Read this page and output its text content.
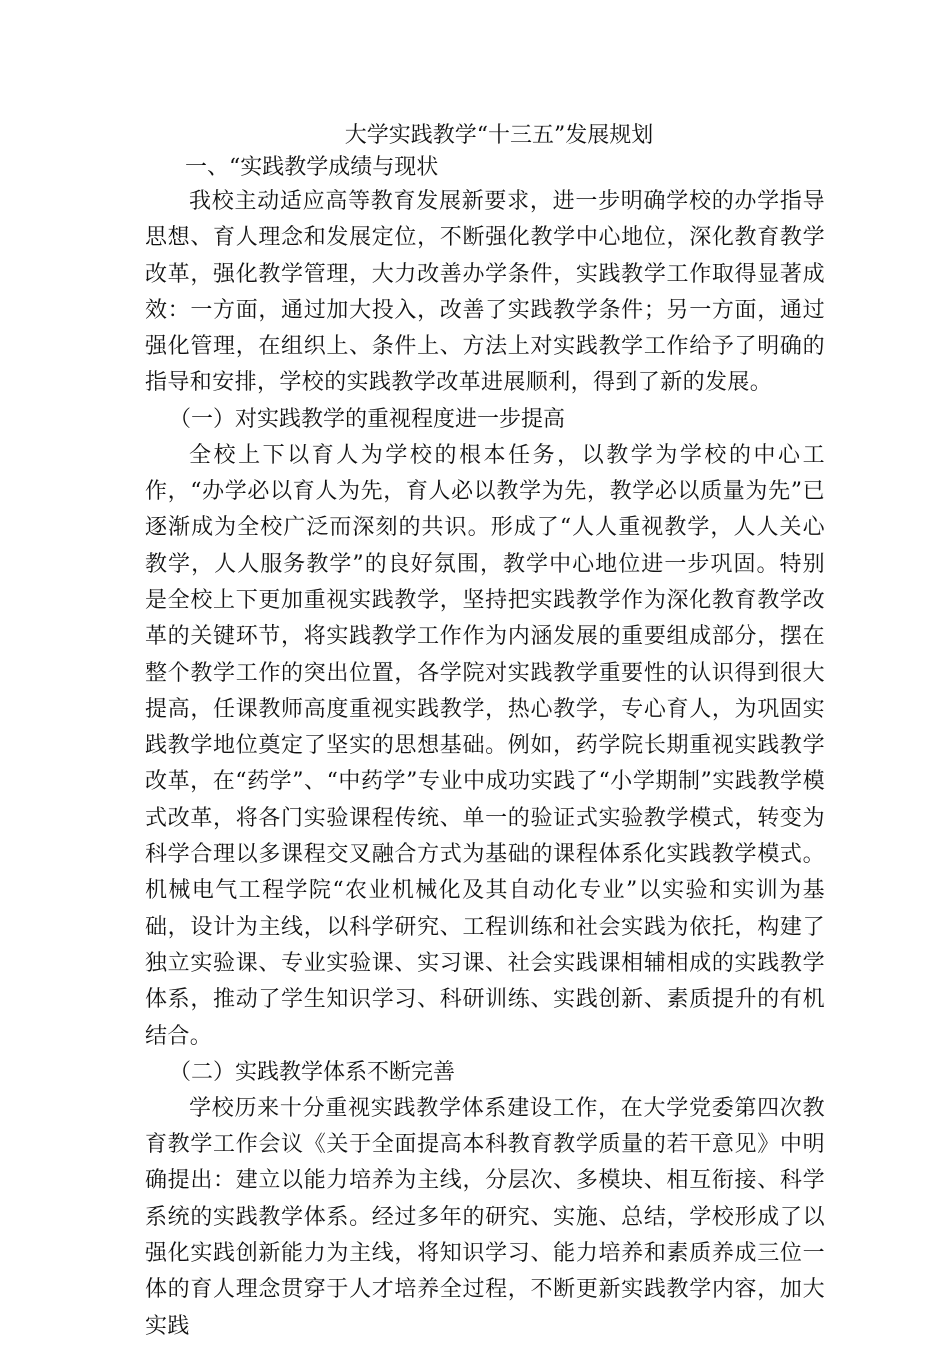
大学实践教学“十三五”发展规划
一、“实践教学成绩与现状

我校主动适应高等教育发展新要求，进一步明确学校的办学指导思想、育人理念和发展定位，不断强化教学中心地位，深化教育教学改革，强化教学管理，大力改善办学条件，实践教学工作取得显著成效：一方面，通过加大投入，改善了实践教学条件；另一方面，通过强化管理，在组织上、条件上、方法上对实践教学工作给予了明确的指导和安排，学校的实践教学改革进展顺利，得到了新的发展。

（一）对实践教学的重视程度进一步提高

全校上下以育人为学校的根本任务，以教学为学校的中心工作，“办学必以育人为先，育人必以教学为先，教学必以质量为先”已逐渐成为全校广泛而深刻的共识。形成了“人人重视教学，人人关心教学，人人服务教学”的良好氛围，教学中心地位进一步巩固。特别是全校上下更加重视实践教学，坚持把实践教学作为深化教育教学改革的关键环节，将实践教学工作作为内涵发展的重要组成部分，摆在整个教学工作的突出位置，各学院对实践教学重要性的认识得到很大提高，任课教师高度重视实践教学，热心教学，专心育人，为巩固实践教学地位奠定了坚实的思想基础。例如，药学院长期重视实践教学改革，在“药学”、“中药学”专业中成功实践了“小学期制”实践教学模式改革，将各门实验课程传统、单一的验证式实验教学模式，转变为科学合理以多课程交叉融合方式为基础的课程体系化实践教学模式。机械电气工程学院“农业机械化及其自动化专业”以实验和实训为基础，设计为主线，以科学研究、工程训练和社会实践为依托，构建了独立实验课、专业实验课、实习课、社会实践课相辅相成的实践教学体系，推动了学生知识学习、科研训练、实践创新、素质提升的有机结合。

（二）实践教学体系不断完善

学校历来十分重视实践教学体系建设工作，在大学党委第四次教育教学工作会议《关于全面提高本科教育教学质量的若干意见》中明确提出：建立以能力培养为主线，分层次、多模块、相互衔接、科学系统的实践教学体系。经过多年的研究、实施、总结，学校形成了以强化实践创新能力为主线，将知识学习、能力培养和素质养成三位一体的育人理念贯穿于人才培养全过程，不断更新实践教学内容，加大实践
